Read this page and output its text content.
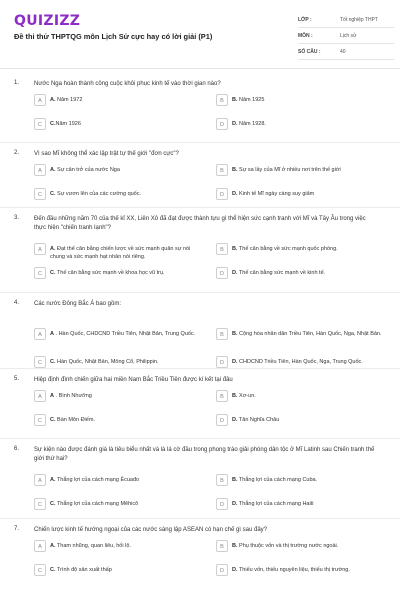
QUIZIZZ
Đề thi thử THPTQG môn Lịch Sử cực hay có lời giải (P1)
LỚP :	Tốt nghiệp THPT
MÔN :	Lịch sử
SỐ CÂU :	40
1. Nước Nga hoàn thành công cuộc khôi phục kinh tế vào thời gian nào?
A	A. Năm 1972	B	B. Năm 1925
C	C.Năm 1926	D	D. Năm 1928.
2. Vì sao Mĩ không thể xác lập trật tự thế giới "đơn cực"?
A	A. Sự cản trở của nước Nga	B	B. Sự sa lầy của Mĩ ở nhiều nơi trên thế giới
C	C. Sự vươn lên của các cường quốc.	D	D. Kinh tế Mĩ ngày càng suy giảm
3. Đến đầu những năm 70 của thế kỉ XX, Liên Xô đã đạt được thành tựu gì thể hiện sức cạnh tranh với Mĩ và Tây Âu trong việc thực hiện "chiến tranh lạnh"?
A	A. Đạt thế cân bằng chiến lược về sức mạnh quân sự nói chung và sức mạnh hạt nhân nói riêng.
B	B. Thế cân bằng về sức mạnh quốc phòng.
C	C. Thế cân bằng sức mạnh về khoa học vũ trụ.	D	D. Thế cân bằng sức mạnh về kinh tế.
4. Các nước Đông Bắc Á bao gồm:
A	A . Hàn Quốc, CHDCND Triều Tiên, Nhật Bản, Trung Quốc.	B	B. Cộng hòa nhân dân Triều Tiên, Hàn Quốc, Nga, Nhật Bản.
C	C. Hàn Quốc, Nhật Bản, Mông Cổ, Philippin.	D	D. CHDCND Triều Tiên, Hàn Quốc, Nga, Trung Quốc.
5. Hiệp định đình chiến giữa hai miền Nam Bắc Triều Tiên được kí kết tại đâu
A	A . Bình Nhưỡng	B	B. Xơ-un.
C	C. Bàn Môn Điếm.	D	D. Tân Nghĩa Châu
6. Sự kiện nào được đánh giá là tiêu biểu nhất và là lá cờ đầu trong phong trào giải phóng dân tộc ở Mĩ Latinh sau Chiến tranh thế giới thứ hai?
A	A. Thắng lợi của cách mạng Êcuađo	B	B. Thắng lợi của cách mạng Cuba.
C	C. Thắng lợi của cách mạng Mêhicô	D	D. Thắng lợi của cách mạng Haiti
7. Chiến lược kinh tế hướng ngoại của các nước sáng lập ASEAN có hạn chế gì sau đây?
A	A. Tham nhũng, quan liêu, hối lộ.	B	B. Phụ thuộc vốn và thị trường nước ngoài.
C	C. Trình độ sản xuất thấp	D	D. Thiếu vốn, thiếu nguyên liệu, thiếu thị trường.
